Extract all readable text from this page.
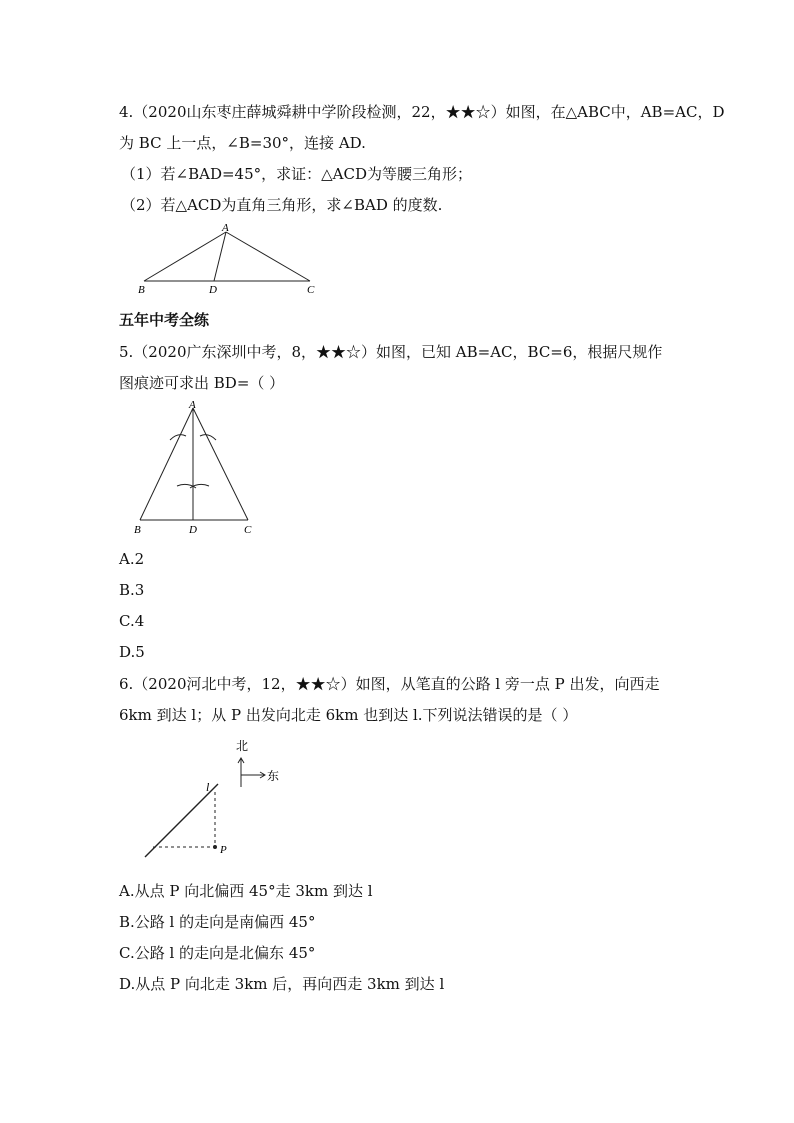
4.（2020山东枣庄薛城舜耕中学阶段检测，22，★★☆）如图，在△ABC中，AB=AC，D
为 BC 上一点，∠B=30°，连接 AD.
（1）若∠BAD=45°，求证：△ACD为等腰三角形；
（2）若△ACD为直角三角形，求∠BAD 的度数.
A
B	D	C
五年中考全练
5.（2020广东深圳中考，8，★★☆）如图，已知 AB=AC，BC=6，根据尺规作
图痕迹可求出 BD=（ ）
A
B	D	C
A.2
B.3
C.4
D.5
6.（2020河北中考，12，★★☆）如图，从笔直的公路 l 旁一点 P 出发，向西走
6km 到达 l；从 P 出发向北走 6km 也到达 l.下列说法错误的是（ ）
北
东
l
P
A.从点 P 向北偏西 45°走 3km 到达 l
B.公路 l 的走向是南偏西 45°
C.公路 l 的走向是北偏东 45°
D.从点 P 向北走 3km 后，再向西走 3km 到达 l
